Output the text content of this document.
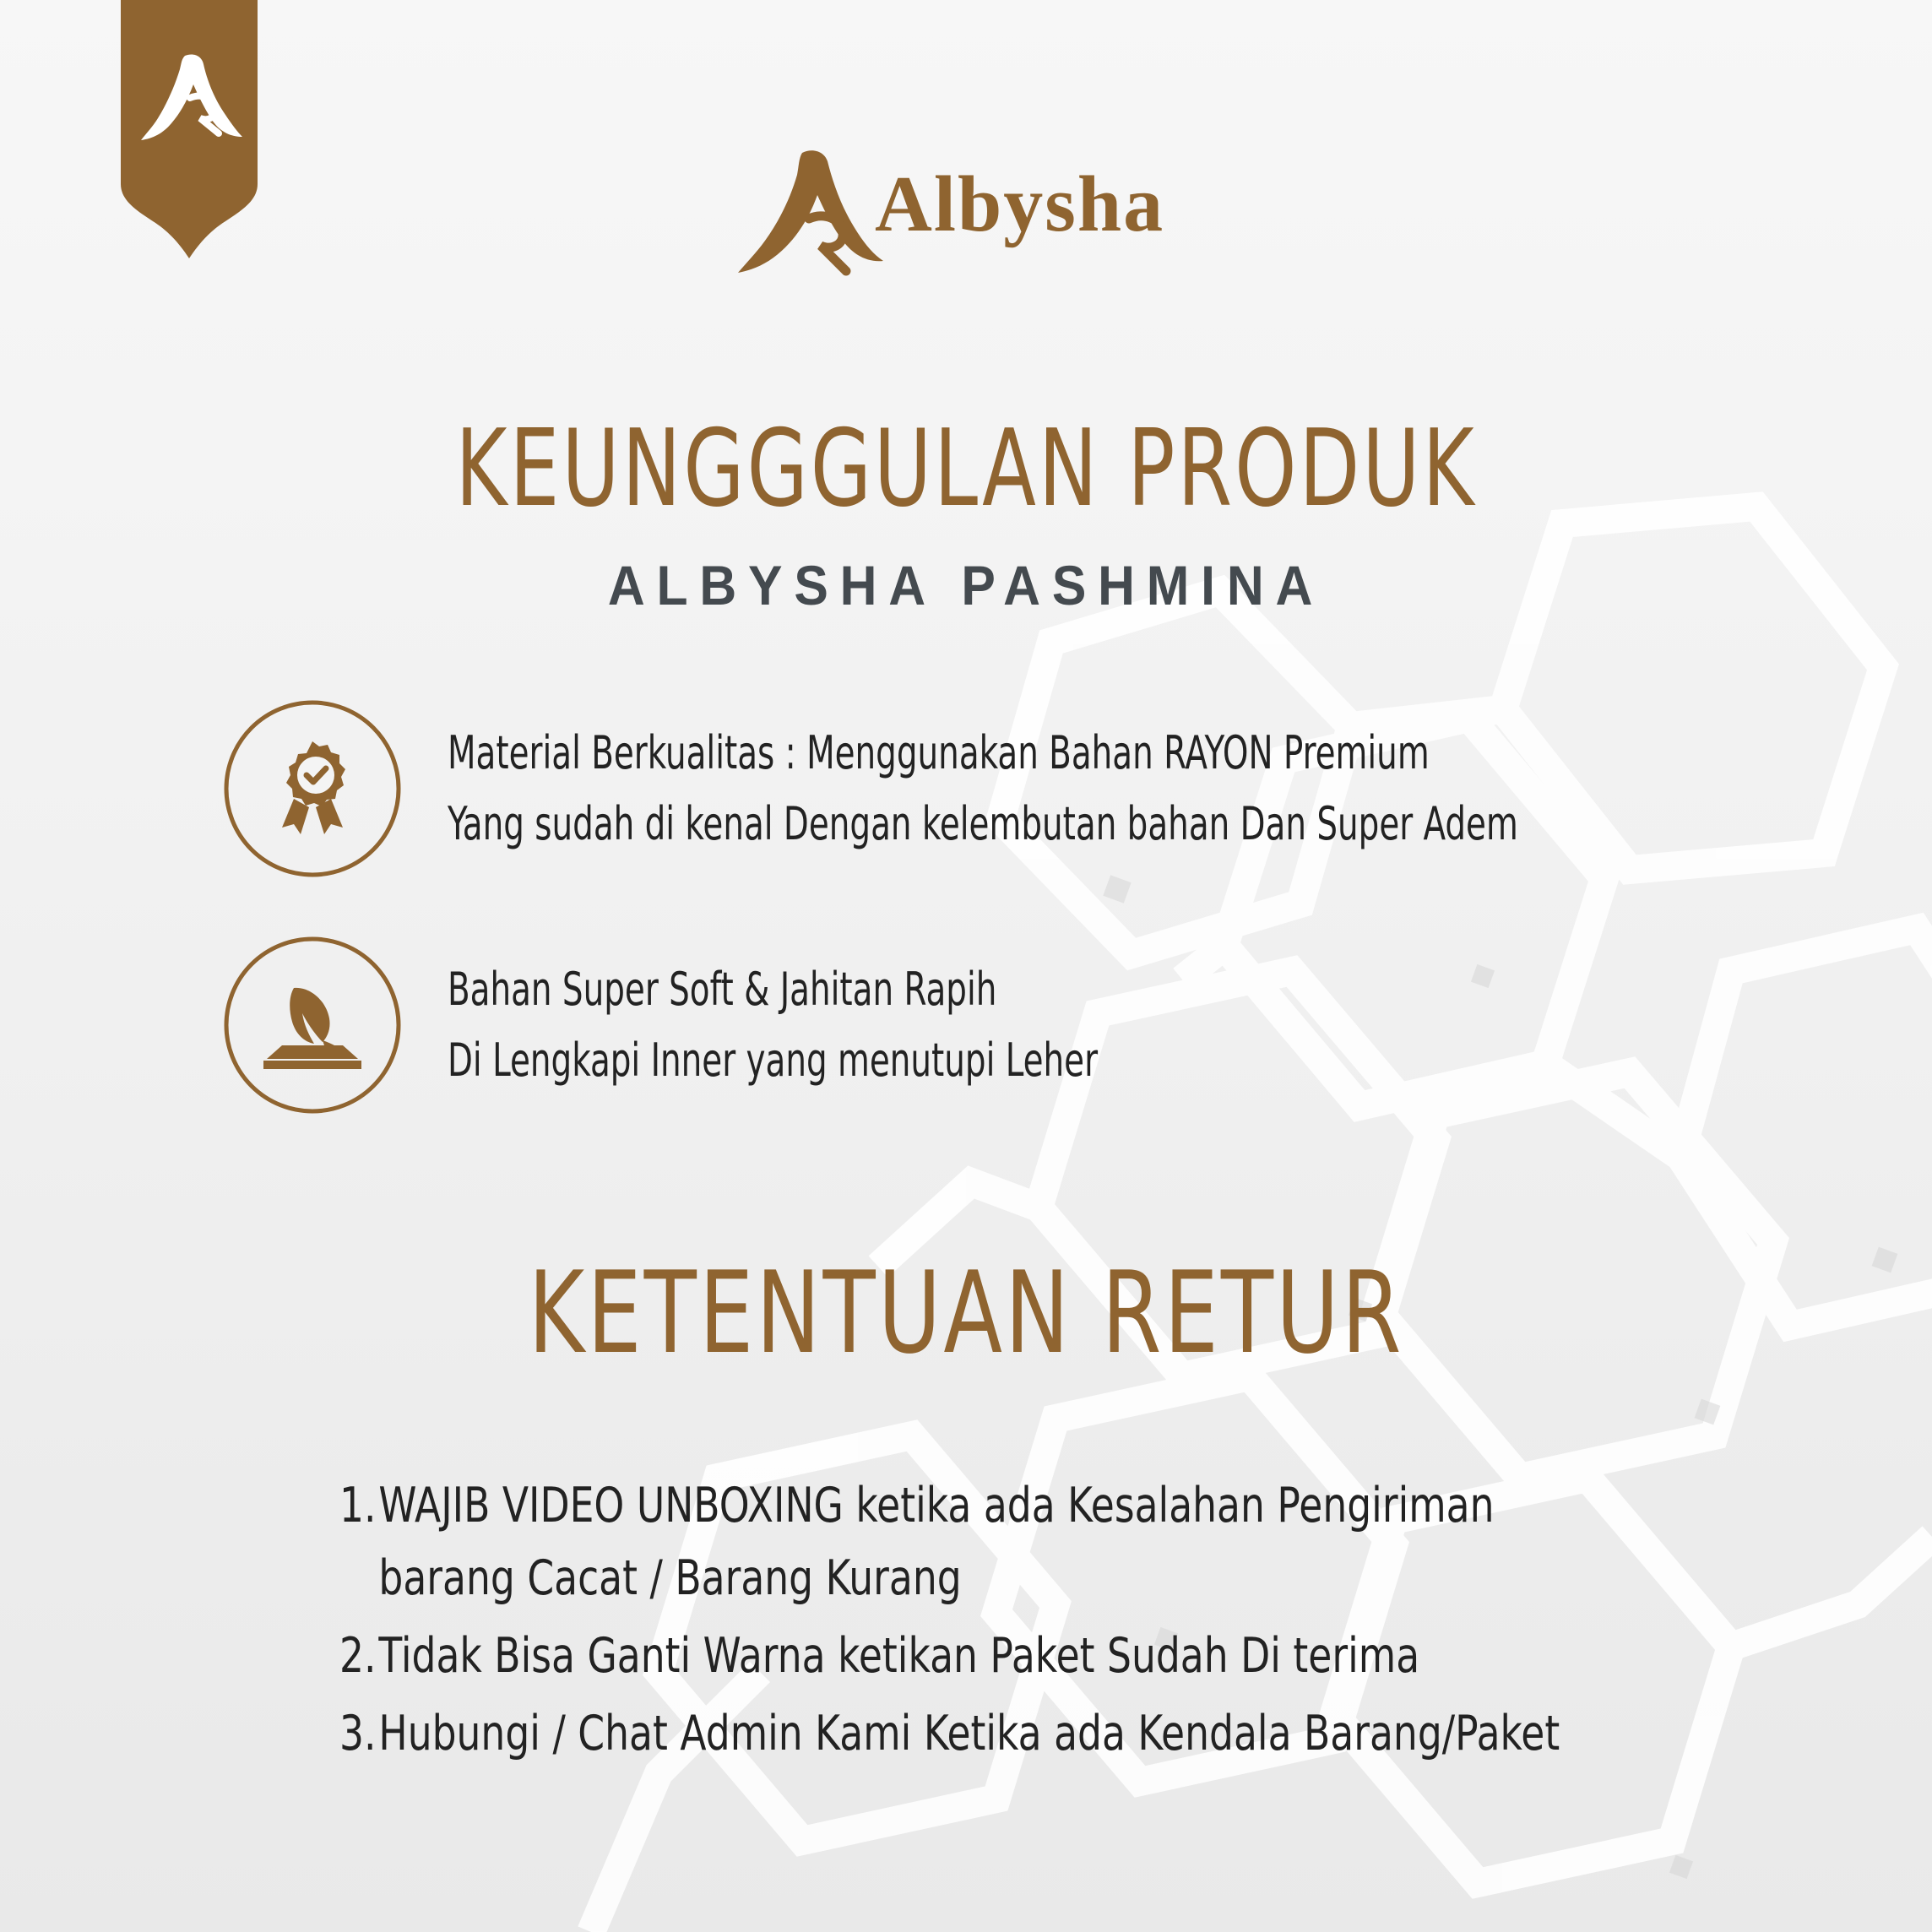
Albysha

KEUNGGGULAN PRODUK
ALBYSHA PASHMINA

Material Berkualitas : Menggunakan Bahan RAYON Premium
Yang sudah di kenal Dengan kelembutan bahan Dan Super Adem

Bahan Super Soft & Jahitan Rapih
Di Lengkapi Inner yang menutupi Leher

KETENTUAN RETUR
1. WAJIB VIDEO UNBOXING ketika ada Kesalahan Pengiriman
barang Cacat / Barang Kurang
2. Tidak Bisa Ganti Warna ketikan Paket Sudah Di terima
3. Hubungi / Chat Admin Kami Ketika ada Kendala Barang/Paket
